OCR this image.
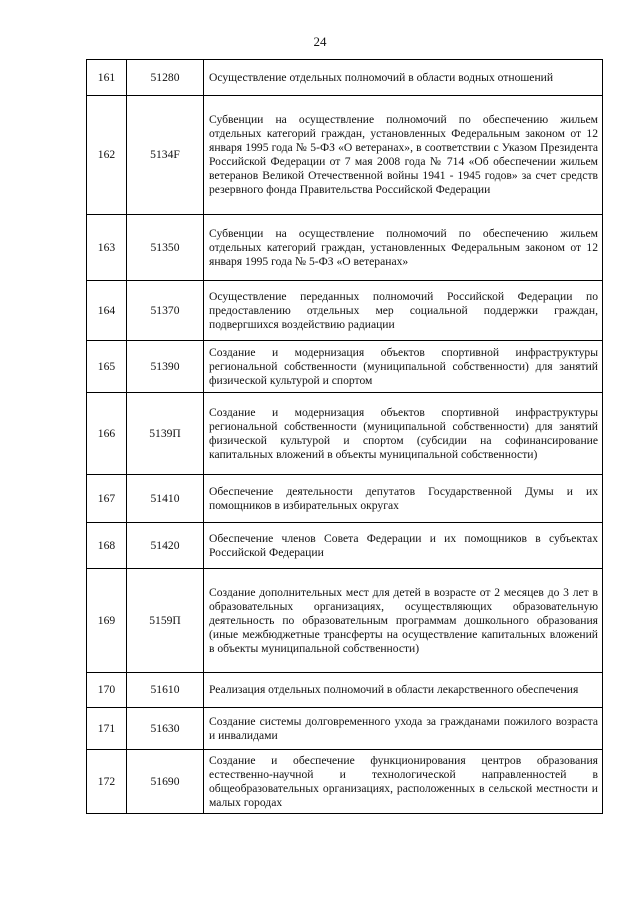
24
161	51280	Осуществление отдельных полномочий в области водных отношений
162	5134F	Субвенции на осуществление полномочий по обеспечению жильем отдельных категорий граждан, установленных Федеральным законом от 12 января 1995 года № 5-ФЗ «О ветеранах», в соответствии с Указом Президента Российской Федерации от 7 мая 2008 года № 714 «Об обеспечении жильем ветеранов Великой Отечественной войны 1941 - 1945 годов» за счет средств резервного фонда Правительства Российской Федерации
163	51350	Субвенции на осуществление полномочий по обеспечению жильем отдельных категорий граждан, установленных Федеральным законом от 12 января 1995 года № 5-ФЗ «О ветеранах»
164	51370	Осуществление переданных полномочий Российской Федерации по предоставлению отдельных мер социальной поддержки граждан, подвергшихся воздействию радиации
165	51390	Создание и модернизация объектов спортивной инфраструктуры региональной собственности (муниципальной собственности) для занятий физической культурой и спортом
166	5139П	Создание и модернизация объектов спортивной инфраструктуры региональной собственности (муниципальной собственности) для занятий физической культурой и спортом (субсидии на софинансирование капитальных вложений в объекты муниципальной собственности)
167	51410	Обеспечение деятельности депутатов Государственной Думы и их помощников в избирательных округах
168	51420	Обеспечение членов Совета Федерации и их помощников в субъектах Российской Федерации
169	5159П	Создание дополнительных мест для детей в возрасте от 2 месяцев до 3 лет в образовательных организациях, осуществляющих образовательную деятельность по образовательным программам дошкольного образования (иные межбюджетные трансферты на осуществление капитальных вложений в объекты муниципальной собственности)
170	51610	Реализация отдельных полномочий в области лекарственного обеспечения
171	51630	Создание системы долговременного ухода за гражданами пожилого возраста и инвалидами
172	51690	Создание и обеспечение функционирования центров образования естественно-научной и технологической направленностей в общеобразовательных организациях, расположенных в сельской местности и малых городах
